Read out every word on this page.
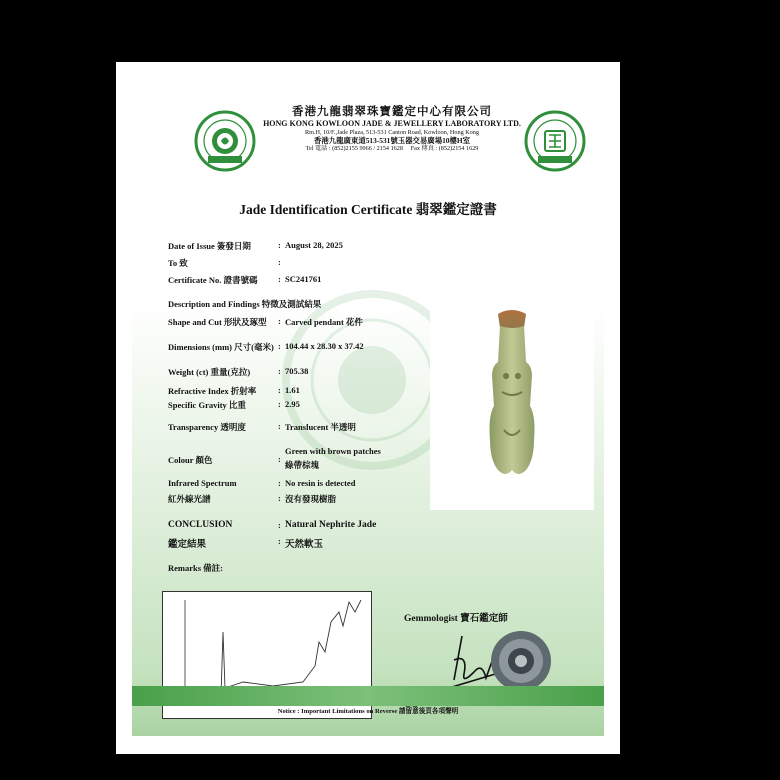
香港九龍翡翠珠寶鑑定中心有限公司
HONG KONG KOWLOON JADE & JEWELLERY LABORATORY LTD.
Rm.H, 10/F.,Jade Plaza, 513-531 Canton Road, Kowloon, Hong Kong
香港九龍廣東道513-531號玉器交易廣場10樓H室
Tel 電話 : (852)2155 9966 / 2154 1628 Fax 傳真 : (852)2154 1629
Jade Identification Certificate 翡翠鑑定證書
Date of Issue 簽發日期	: August 28, 2025
To 致	:
Certificate No. 證書號碼 : SC241761
Description and Findings 特徵及測試結果
Shape and Cut 形狀及琢型 : Carved pendant 花件
Dimensions (mm) 尺寸(毫米) : 104.44 x 28.30 x 37.42
Weight (ct) 重量(克拉)	: 705.38
Refractive Index 折射率	: 1.61
Specific Gravity 比重	: 2.95
Transparency 透明度	: Translucent 半透明
Colour 顏色	:
Green with brown patches
綠帶棕塊
Infrared Spectrum	: No resin is detected
紅外線光譜	: 沒有發現樹脂
CONCLUSION	: Natural Nephrite Jade
鑑定結果	: 天然軟玉
Remarks 備註:
Gemmologist 寶石鑑定師
Notice : Important Limitations on Reverse 請留意後頁各項聲明
